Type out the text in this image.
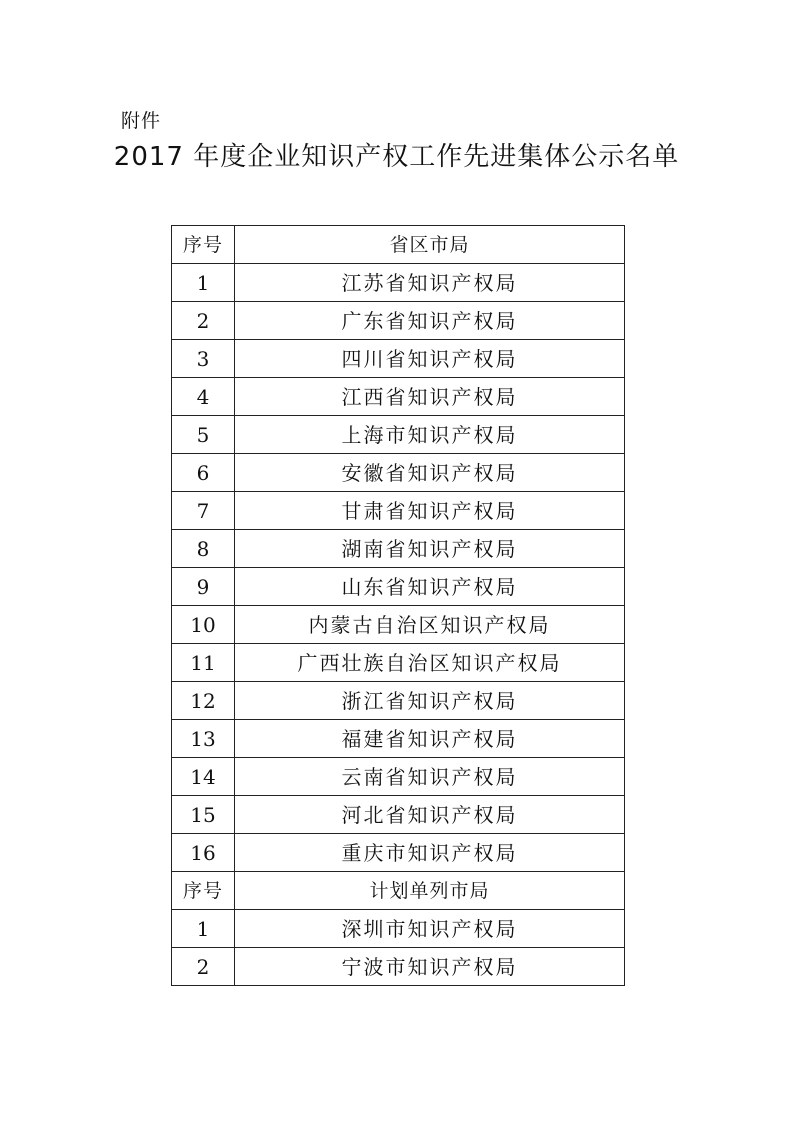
附件
2017 年度企业知识产权工作先进集体公示名单
序号	省区市局
1	江苏省知识产权局
2	广东省知识产权局
3	四川省知识产权局
4	江西省知识产权局
5	上海市知识产权局
6	安徽省知识产权局
7	甘肃省知识产权局
8	湖南省知识产权局
9	山东省知识产权局
10	内蒙古自治区知识产权局
11	广西壮族自治区知识产权局
12	浙江省知识产权局
13	福建省知识产权局
14	云南省知识产权局
15	河北省知识产权局
16	重庆市知识产权局
序号	计划单列市局
1	深圳市知识产权局
2	宁波市知识产权局
